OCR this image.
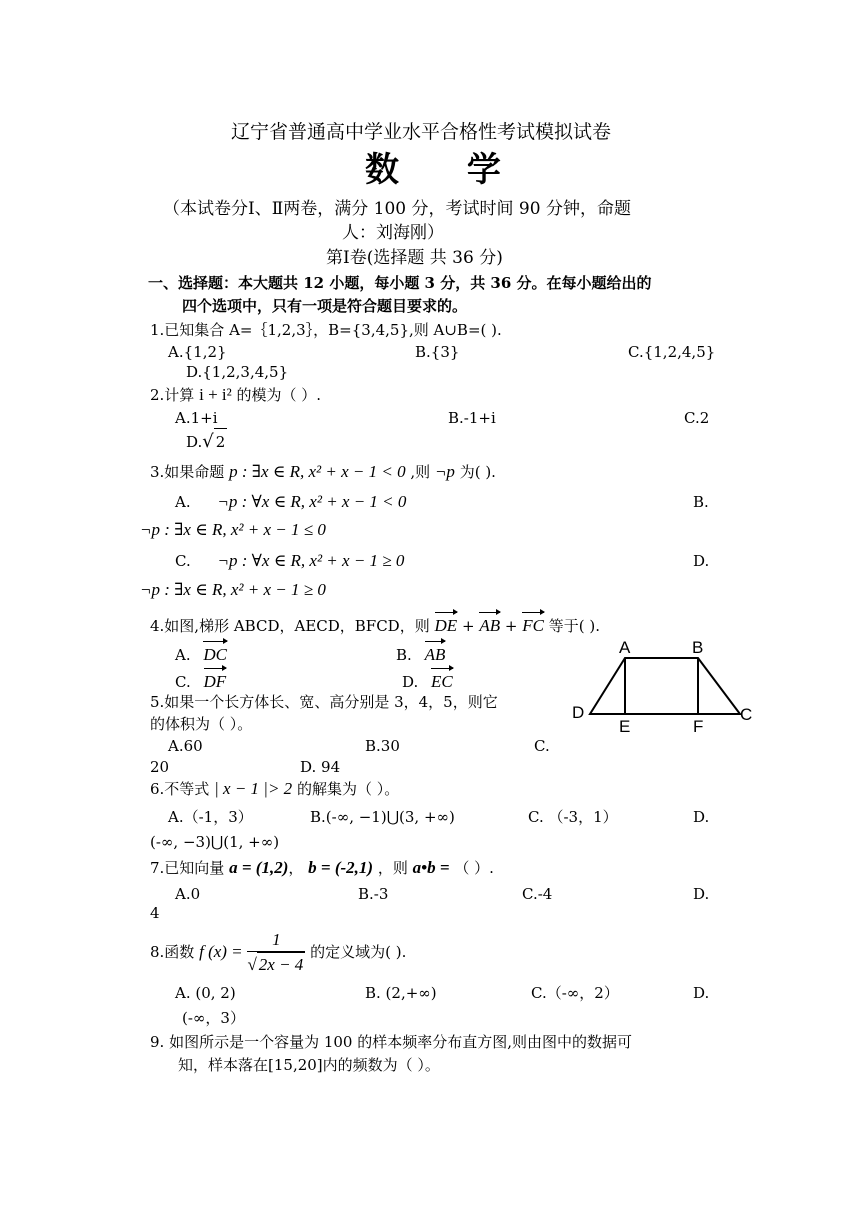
辽宁省普通高中学业水平合格性考试模拟试卷
数 学
（本试卷分Ⅰ、Ⅱ两卷，满分 100 分，考试时间 90 分钟，命题
人：刘海刚）
第Ⅰ卷(选择题 共 36 分)
一、选择题：本大题共 12 小题，每小题 3 分，共 36 分。在每小题给出的
四个选项中，只有一项是符合题目要求的。
1.已知集合 A=｛1,2,3｝，B={3,4,5},则 A∪B=( ).
A.{1,2}	B.{3}	C.{1,2,4,5}
D.{1,2,3,4,5}
2.计算 i + i² 的模为（ ）.
A.1+i	B.-1+i	C.2
D.√ 2
3.如果命题 p : ∃x ∈ R, x² + x − 1 < 0 ,则 ¬p 为( ).
A. ¬p : ∀x ∈ R, x² + x − 1 < 0	B.
¬p : ∃x ∈ R, x² + x − 1 ≤ 0
C. ¬p : ∀x ∈ R, x² + x − 1 ≥ 0	D.
¬p : ∃x ∈ R, x² + x − 1 ≥ 0
4.如图,梯形 ABCD，AECD，BFCD，则 DE + AB + FC 等于( ).
A. DC	B. AB
C. DF	D. EC
A	B
C
D
E	F
5.如果一个长方体长、宽、高分别是 3，4，5，则它
的体积为（ ）。
A.60	B.30	C.
20	D. 94
6.不等式 | x − 1 |> 2 的解集为（ ）。
A.（-1，3）	B.(-∞, −1)⋃(3, +∞)	C. （-3，1）	D.
(-∞, −3)⋃(1, +∞)
7.已知向量 a = (1,2)， b = (-2,1) ，则 a•b = （ ）.
A.0	B.-3	C.-4	D.
4
8.函数 f $(x) = \frac{1}{√ 2x - 4}$ 的定义域为( ).
A. (0, 2)	B. (2,+∞)	C.（-∞，2）	D.
(-∞，3）
9. 如图所示是一个容量为 100 的样本频率分布直方图,则由图中的数据可
知，样本落在[15,20]内的频数为（ ）。
